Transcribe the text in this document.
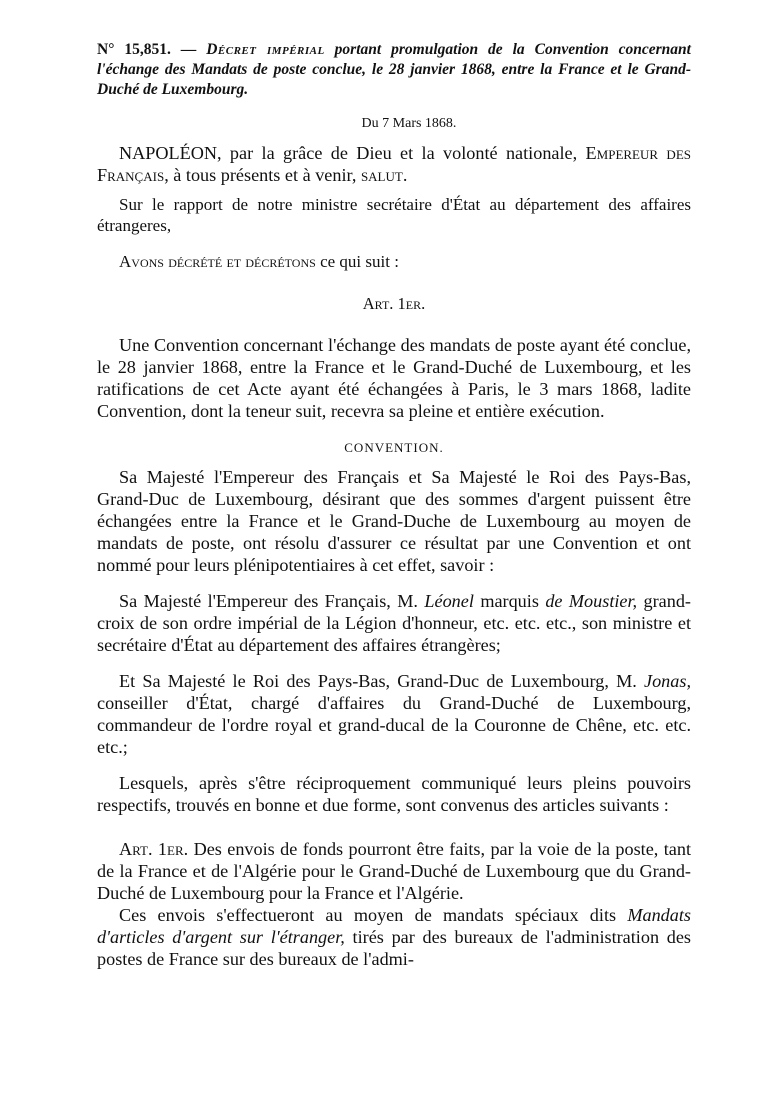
N° 15,851. — Décret impérial portant promulgation de la Convention concernant l'échange des Mandats de poste conclue, le 28 janvier 1868, entre la France et le Grand-Duché de Luxembourg.

Du 7 Mars 1868.

NAPOLÉON, par la grâce de Dieu et la volonté nationale, Empereur des Français, à tous présents et à venir, salut.

Sur le rapport de notre ministre secrétaire d'État au département des affaires étrangeres,

Avons décrété et décrétons ce qui suit :

Art. 1er.

Une Convention concernant l'échange des mandats de poste ayant été conclue, le 28 janvier 1868, entre la France et le Grand-Duché de Luxembourg, et les ratifications de cet Acte ayant été échangées à Paris, le 3 mars 1868, ladite Convention, dont la teneur suit, recevra sa pleine et entière exécution.

CONVENTION.

Sa Majesté l'Empereur des Français et Sa Majesté le Roi des Pays-Bas, Grand-Duc de Luxembourg, désirant que des sommes d'argent puissent être échangées entre la France et le Grand-Duche de Luxembourg au moyen de mandats de poste, ont résolu d'assurer ce résultat par une Convention et ont nommé pour leurs plénipotentiaires à cet effet, savoir :

Sa Majesté l'Empereur des Français, M. Léonel marquis de Moustier, grand-croix de son ordre impérial de la Légion d'honneur, etc. etc. etc., son ministre et secrétaire d'État au département des affaires étrangères;

Et Sa Majesté le Roi des Pays-Bas, Grand-Duc de Luxembourg, M. Jonas, conseiller d'État, chargé d'affaires du Grand-Duché de Luxembourg, commandeur de l'ordre royal et grand-ducal de la Couronne de Chêne, etc. etc. etc.;

Lesquels, après s'être réciproquement communiqué leurs pleins pouvoirs respectifs, trouvés en bonne et due forme, sont convenus des articles suivants :

Art. 1er. Des envois de fonds pourront être faits, par la voie de la poste, tant de la France et de l'Algérie pour le Grand-Duché de Luxembourg que du Grand-Duché de Luxembourg pour la France et l'Algérie.

Ces envois s'effectueront au moyen de mandats spéciaux dits Mandats d'articles d'argent sur l'étranger, tirés par des bureaux de l'administration des postes de France sur des bureaux de l'admi-
